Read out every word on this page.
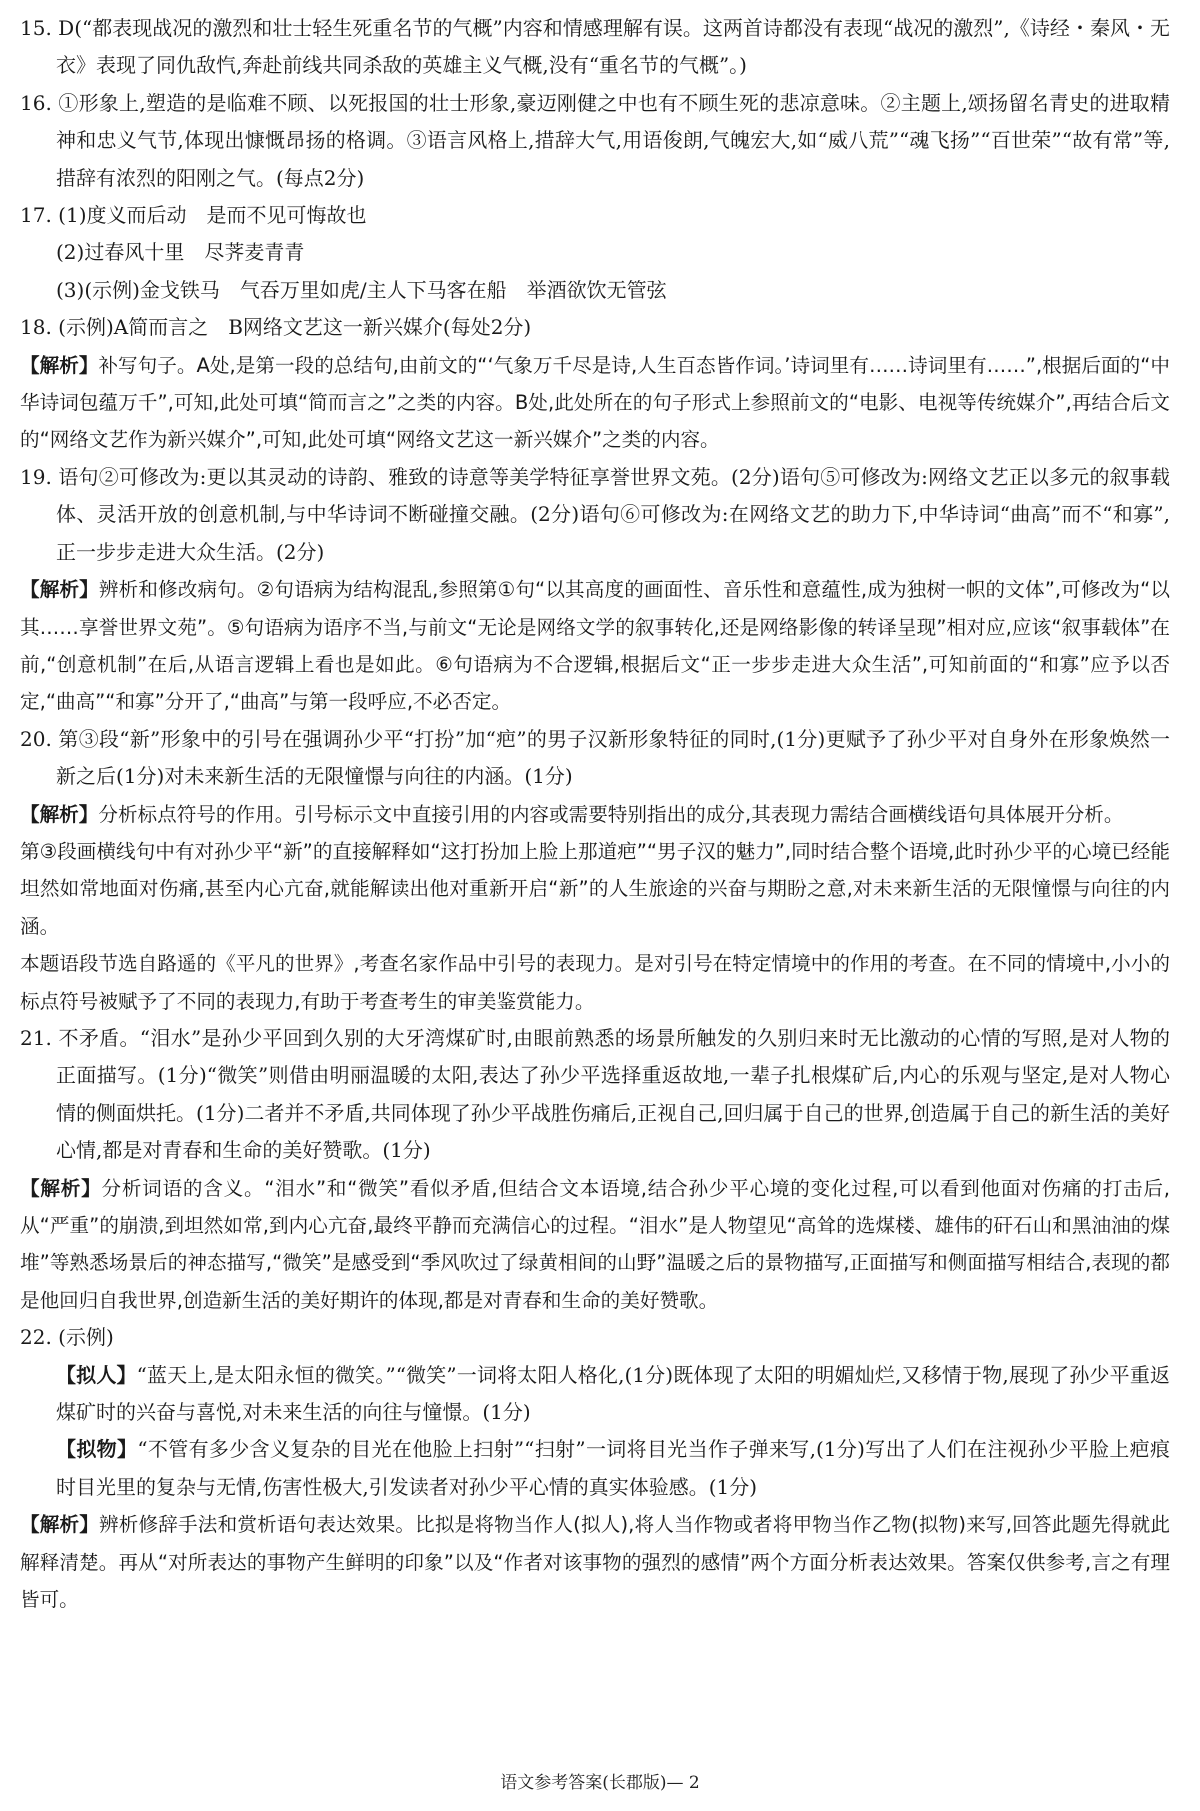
15. D(“都表现战况的激烈和壮士轻生死重名节的气概”内容和情感理解有误。这两首诗都没有表现“战况的激烈”,《诗经・秦风・无衣》表现了同仇敌忾,奔赴前线共同杀敌的英雄主义气概,没有“重名节的气概”。)

16. ①形象上,塑造的是临难不顾、以死报国的壮士形象,豪迈刚健之中也有不顾生死的悲凉意味。②主题上,颂扬留名青史的进取精神和忠义气节,体现出慷慨昂扬的格调。③语言风格上,措辞大气,用语俊朗,气魄宏大,如“威八荒”“魂飞扬”“百世荣”“故有常”等,措辞有浓烈的阳刚之气。(每点2分)

17. (1)度义而后动　是而不见可悔故也

(2)过春风十里　尽荠麦青青

(3)(示例)金戈铁马　气吞万里如虎/主人下马客在船　举酒欲饮无管弦

18. (示例)A简而言之　B网络文艺这一新兴媒介(每处2分)

【解析】补写句子。A处,是第一段的总结句,由前文的“‘气象万千尽是诗,人生百态皆作词。’诗词里有……诗词里有……”,根据后面的“中华诗词包蕴万千”,可知,此处可填“简而言之”之类的内容。B处,此处所在的句子形式上参照前文的“电影、电视等传统媒介”,再结合后文的“网络文艺作为新兴媒介”,可知,此处可填“网络文艺这一新兴媒介”之类的内容。

19. 语句②可修改为:更以其灵动的诗韵、雅致的诗意等美学特征享誉世界文苑。(2分)语句⑤可修改为:网络文艺正以多元的叙事载体、灵活开放的创意机制,与中华诗词不断碰撞交融。(2分)语句⑥可修改为:在网络文艺的助力下,中华诗词“曲高”而不“和寡”,正一步步走进大众生活。(2分)

【解析】辨析和修改病句。②句语病为结构混乱,参照第①句“以其高度的画面性、音乐性和意蕴性,成为独树一帜的文体”,可修改为“以其……享誉世界文苑”。⑤句语病为语序不当,与前文“无论是网络文学的叙事转化,还是网络影像的转译呈现”相对应,应该“叙事载体”在前,“创意机制”在后,从语言逻辑上看也是如此。⑥句语病为不合逻辑,根据后文“正一步步走进大众生活”,可知前面的“和寡”应予以否定,“曲高”“和寡”分开了,“曲高”与第一段呼应,不必否定。

20. 第③段“新”形象中的引号在强调孙少平“打扮”加“疤”的男子汉新形象特征的同时,(1分)更赋予了孙少平对自身外在形象焕然一新之后(1分)对未来新生活的无限憧憬与向往的内涵。(1分)

【解析】分析标点符号的作用。引号标示文中直接引用的内容或需要特别指出的成分,其表现力需结合画横线语句具体展开分析。

第③段画横线句中有对孙少平“新”的直接解释如“这打扮加上脸上那道疤”“男子汉的魅力”,同时结合整个语境,此时孙少平的心境已经能坦然如常地面对伤痛,甚至内心亢奋,就能解读出他对重新开启“新”的人生旅途的兴奋与期盼之意,对未来新生活的无限憧憬与向往的内涵。

本题语段节选自路遥的《平凡的世界》,考查名家作品中引号的表现力。是对引号在特定情境中的作用的考查。在不同的情境中,小小的标点符号被赋予了不同的表现力,有助于考查考生的审美鉴赏能力。

21. 不矛盾。“泪水”是孙少平回到久别的大牙湾煤矿时,由眼前熟悉的场景所触发的久别归来时无比激动的心情的写照,是对人物的正面描写。(1分)“微笑”则借由明丽温暖的太阳,表达了孙少平选择重返故地,一辈子扎根煤矿后,内心的乐观与坚定,是对人物心情的侧面烘托。(1分)二者并不矛盾,共同体现了孙少平战胜伤痛后,正视自己,回归属于自己的世界,创造属于自己的新生活的美好心情,都是对青春和生命的美好赞歌。(1分)

【解析】分析词语的含义。“泪水”和“微笑”看似矛盾,但结合文本语境,结合孙少平心境的变化过程,可以看到他面对伤痛的打击后,从“严重”的崩溃,到坦然如常,到内心亢奋,最终平静而充满信心的过程。“泪水”是人物望见“高耸的选煤楼、雄伟的矸石山和黑油油的煤堆”等熟悉场景后的神态描写,“微笑”是感受到“季风吹过了绿黄相间的山野”温暖之后的景物描写,正面描写和侧面描写相结合,表现的都是他回归自我世界,创造新生活的美好期许的体现,都是对青春和生命的美好赞歌。

22. (示例)

【拟人】“蓝天上,是太阳永恒的微笑。”“微笑”一词将太阳人格化,(1分)既体现了太阳的明媚灿烂,又移情于物,展现了孙少平重返煤矿时的兴奋与喜悦,对未来生活的向往与憧憬。(1分)

【拟物】“不管有多少含义复杂的目光在他脸上扫射”“扫射”一词将目光当作子弹来写,(1分)写出了人们在注视孙少平脸上疤痕时目光里的复杂与无情,伤害性极大,引发读者对孙少平心情的真实体验感。(1分)

【解析】辨析修辞手法和赏析语句表达效果。比拟是将物当作人(拟人),将人当作物或者将甲物当作乙物(拟物)来写,回答此题先得就此解释清楚。再从“对所表达的事物产生鲜明的印象”以及“作者对该事物的强烈的感情”两个方面分析表达效果。答案仅供参考,言之有理皆可。

语文参考答案(长郡版)— 2
